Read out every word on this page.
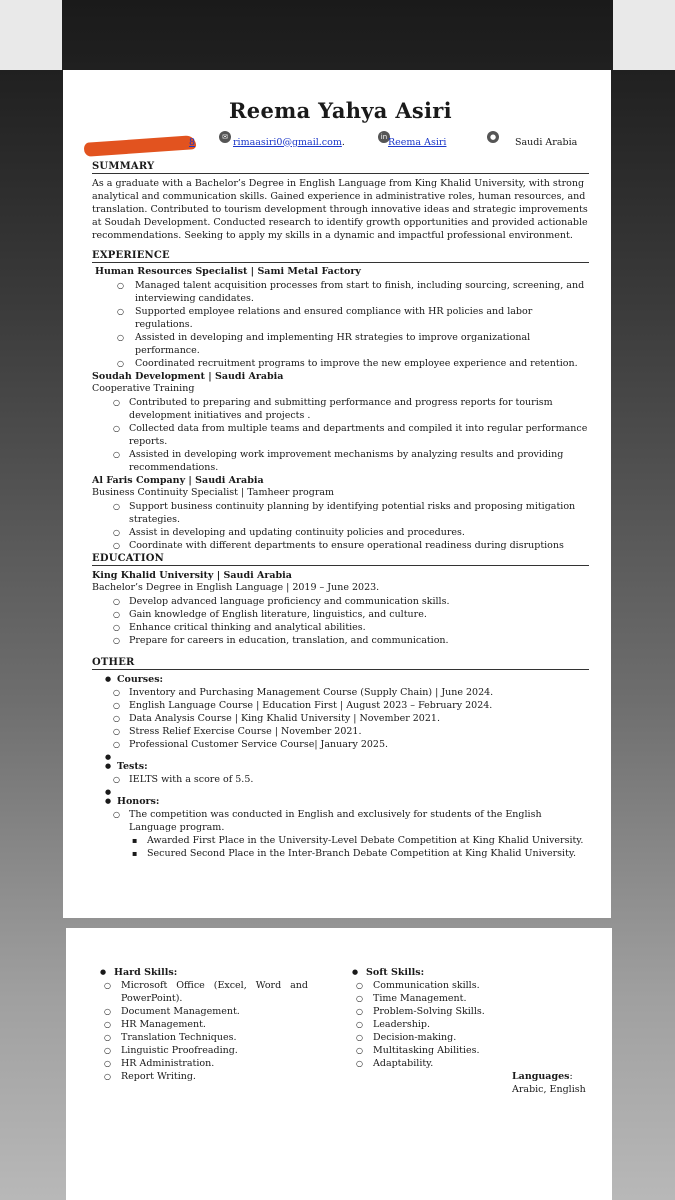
Reema Yahya Asiri
8	✉ rimaasiri0@gmail.com.	in Reema Asiri	●	Saudi Arabia
SUMMARY
As a graduate with a Bachelor’s Degree in English Language from King Khalid University, with strong analytical and communication skills. Gained experience in administrative roles, human resources, and translation. Contributed to tourism development through innovative ideas and strategic improvements at Soudah Development. Conducted research to identify growth opportunities and provided actionable recommendations. Seeking to apply my skills in a dynamic and impactful professional environment.
EXPERIENCE
Human Resources Specialist | Sami Metal Factory
○ Managed talent acquisition processes from start to finish, including sourcing, screening, and interviewing candidates.
○ Supported employee relations and ensured compliance with HR policies and labor regulations.
○ Assisted in developing and implementing HR strategies to improve organizational performance.
○ Coordinated recruitment programs to improve the new employee experience and retention.
Soudah Development | Saudi Arabia
Cooperative Training
○ Contributed to preparing and submitting performance and progress reports for tourism development initiatives and projects .
○ Collected data from multiple teams and departments and compiled it into regular performance reports.
○ Assisted in developing work improvement mechanisms by analyzing results and providing recommendations.
Al Faris Company | Saudi Arabia
Business Continuity Specialist | Tamheer program
○ Support business continuity planning by identifying potential risks and proposing mitigation strategies.
○ Assist in developing and updating continuity policies and procedures.
○ Coordinate with different departments to ensure operational readiness during disruptions
EDUCATION
King Khalid University | Saudi Arabia
Bachelor’s Degree in English Language | 2019 – June 2023.
○ Develop advanced language proficiency and communication skills.
○ Gain knowledge of English literature, linguistics, and culture.
○ Enhance critical thinking and analytical abilities.
○ Prepare for careers in education, translation, and communication.
OTHER
● Courses:
○ Inventory and Purchasing Management Course (Supply Chain) | June 2024.
○ English Language Course | Education First | August 2023 – February 2024.
○ Data Analysis Course | King Khalid University | November 2021.
○ Stress Relief Exercise Course | November 2021.
○ Professional Customer Service Course| January 2025.
●
● Tests:
○ IELTS with a score of 5.5.
●
● Honors:
○ The competition was conducted in English and exclusively for students of the English Language program.
▪ Awarded First Place in the University-Level Debate Competition at King Khalid University.
▪ Secured Second Place in the Inter-Branch Debate Competition at King Khalid University.
● Hard Skills:
○ Microsoft Office (Excel, Word and PowerPoint).
○ Document Management.
○ HR Management.
○ Translation Techniques.
○ Linguistic Proofreading.
○ HR Administration.
○ Report Writing.
● Soft Skills:
○ Communication skills.
○ Time Management.
○ Problem-Solving Skills.
○ Leadership.
○ Decision-making.
○ Multitasking Abilities.
○ Adaptability.
Languages:
Arabic, English
